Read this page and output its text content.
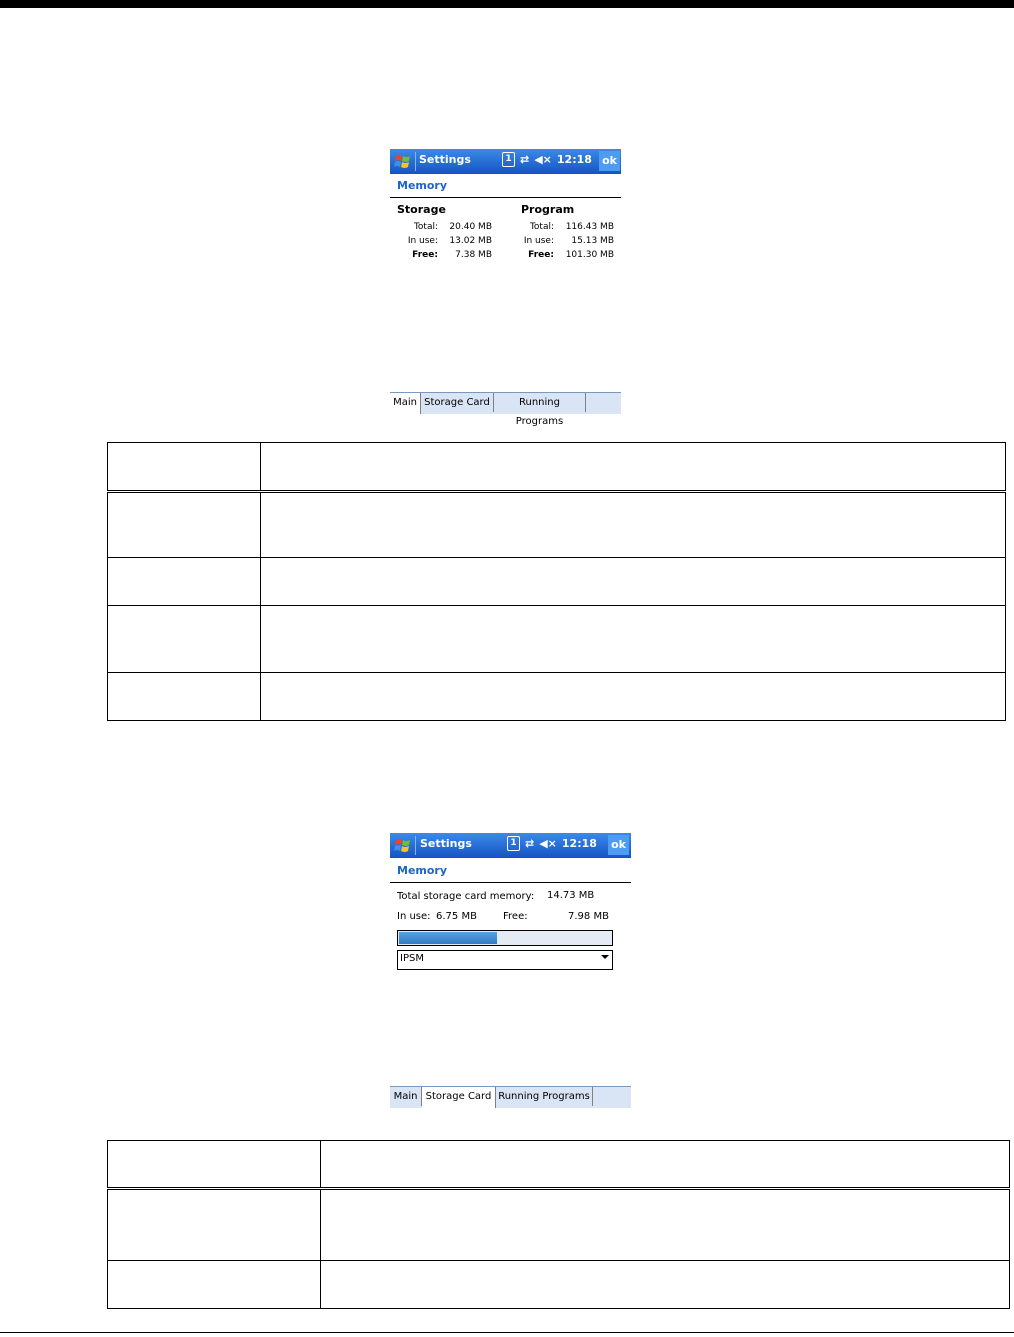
Settings	1 ⇄ ◀× 12:18 ok
Memory
Storage
Total:	20.40 MB
In use:	13.02 MB
Free:	7.38 MB
Program
Total:	116.43 MB
In use:	15.13 MB
Free:	101.30 MB
Main Storage Card	Running Programs

Settings	1 ⇄ ◀× 12:18 ok
Memory
Total storage card memory: 14.73 MB
In use: 6.75 MB	Free:	7.98 MB
IPSM
Main Storage Card Running Programs
